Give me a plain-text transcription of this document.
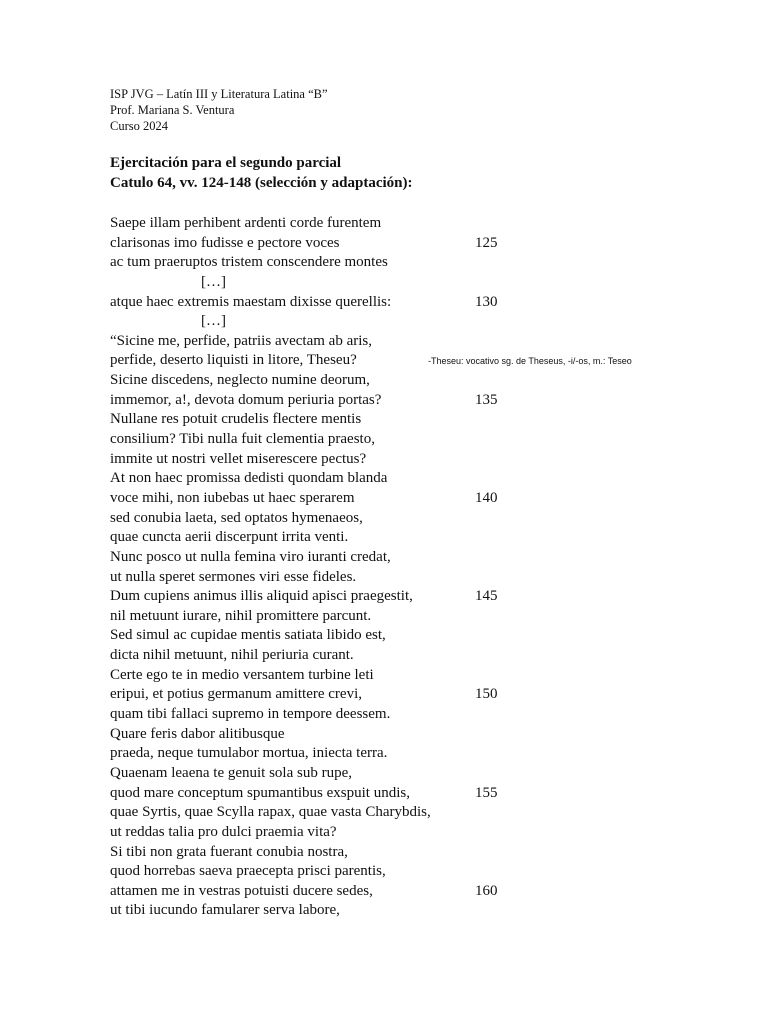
ISP JVG – Latín III y Literatura Latina “B”
Prof. Mariana S. Ventura
Curso 2024
Ejercitación para el segundo parcial
Catulo 64, vv. 124-148 (selección y adaptación):
Saepe illam perhibent ardenti corde furentem
clarisonas imo fudisse e pectore voces	125
ac tum praeruptos tristem conscendere montes
[…]
atque haec extremis maestam dixisse querellis:	130
[…]
“Sicine me, perfide, patriis avectam ab aris,
perfide, deserto liquisti in litore, Theseu?	-Theseu: vocativo sg. de Theseus, -i/-os, m.: Teseo
Sicine discedens, neglecto numine deorum,
immemor, a!, devota domum periuria portas?	135
Nullane res potuit crudelis flectere mentis
consilium? Tibi nulla fuit clementia praesto,
immite ut nostri vellet miserescere pectus?
At non haec promissa dedisti quondam blanda
voce mihi, non iubebas ut haec sperarem	140
sed conubia laeta, sed optatos hymenaeos,
quae cuncta aerii discerpunt irrita venti.
Nunc posco ut nulla femina viro iuranti credat,
ut nulla speret sermones viri esse fideles.
Dum cupiens animus illis aliquid apisci praegestit,	145
nil metuunt iurare, nihil promittere parcunt.
Sed simul ac cupidae mentis satiata libido est,
dicta nihil metuunt, nihil periuria curant.
Certe ego te in medio versantem turbine leti
eripui, et potius germanum amittere crevi,	150
quam tibi fallaci supremo in tempore deessem.
Quare feris dabor alitibusque
praeda, neque tumulabor mortua, iniecta terra.
Quaenam leaena te genuit sola sub rupe,
quod mare conceptum spumantibus exspuit undis,	155
quae Syrtis, quae Scylla rapax, quae vasta Charybdis,
ut reddas talia pro dulci praemia vita?
Si tibi non grata fuerant conubia nostra,
quod horrebas saeva praecepta prisci parentis,
attamen me in vestras potuisti ducere sedes,	160
ut tibi iucundo famularer serva labore,
